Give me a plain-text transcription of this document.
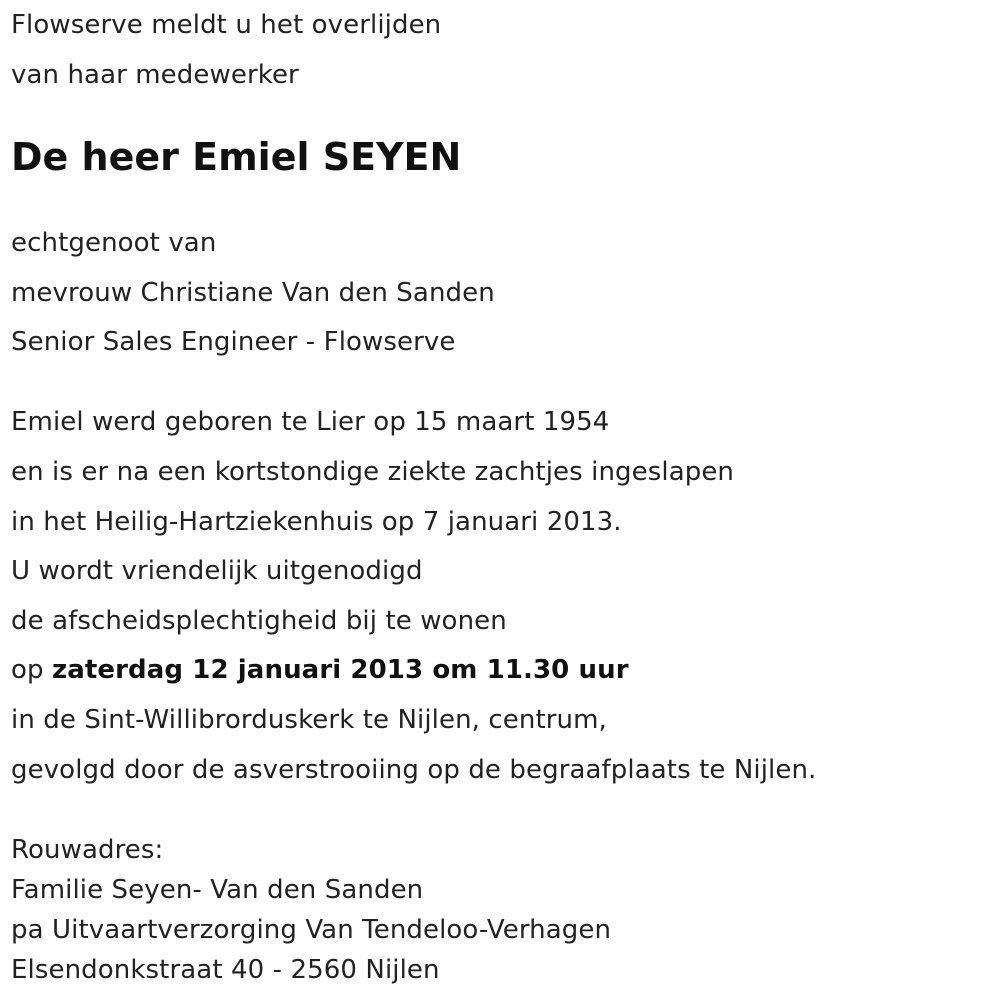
Flowserve meldt u het overlijden
van haar medewerker
De heer Emiel SEYEN
echtgenoot van
mevrouw Christiane Van den Sanden
Senior Sales Engineer - Flowserve
Emiel werd geboren te Lier op 15 maart 1954
en is er na een kortstondige ziekte zachtjes ingeslapen
in het Heilig-Hartziekenhuis op 7 januari 2013.
U wordt vriendelijk uitgenodigd
de afscheidsplechtigheid bij te wonen
op zaterdag 12 januari 2013 om 11.30 uur
in de Sint-Willibrorduskerk te Nijlen, centrum,
gevolgd door de asverstrooiing op de begraafplaats te Nijlen.
Rouwadres:
Familie Seyen- Van den Sanden
pa Uitvaartverzorging Van Tendeloo-Verhagen
Elsendonkstraat 40 - 2560 Nijlen
